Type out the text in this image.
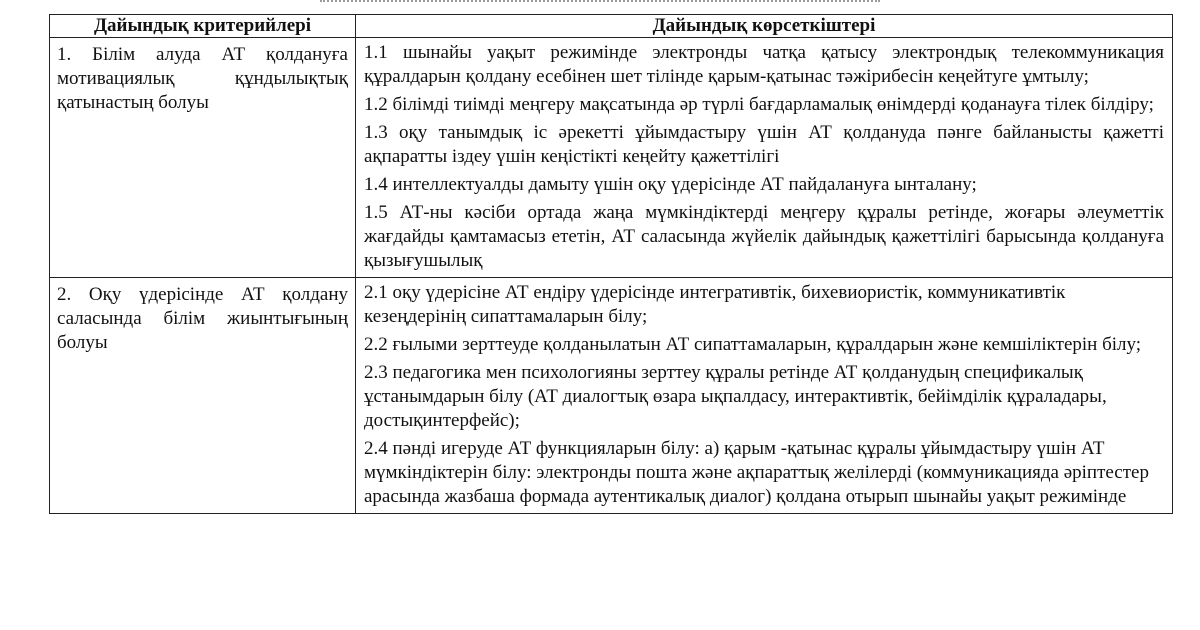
Дайындық критерийлері	Дайындық көрсеткіштері

1. Білім алуда АТ қолдануға мотивациялық құндылықтық қатынастың болуы	1.1 шынайы уақыт режимінде электронды чатқа қатысу электрондық телекоммуникация құралдарын қолдану есебінен шет тілінде қарым-қатынас тәжірибесін кеңейтуге ұмтылу;
1.2 білімді тиімді меңгеру мақсатында әр түрлі бағдарламалық өнімдерді қоданауға тілек білдіру;
1.3 оқу танымдық іс әрекетті ұйымдастыру үшін АТ қолдануда пәнге байланысты қажетті ақпаратты іздеу үшін кеңістікті кеңейту қажеттілігі
1.4 интеллектуалды дамыту үшін оқу үдерісінде АТ пайдалануға ынталану;
1.5 АТ-ны кәсіби ортада жаңа мүмкіндіктерді меңгеру құралы ретінде, жоғары әлеуметтік жағдайды қамтамасыз ететін, АТ саласында жүйелік дайындық қажеттілігі барысында қолдануға қызығушылық

2. Оқу үдерісінде АТ қолдану саласында білім жиынтығының болуы	2.1 оқу үдерісіне АТ ендіру үдерісінде интегративтік, бихевиористік, коммуникативтік кезеңдерінің сипаттамаларын білу;
2.2 ғылыми зерттеуде қолданылатын АТ сипаттамаларын, құралдарын және кемшіліктерін білу;
2.3 педагогика мен психологияны зерттеу құралы ретінде АТ қолданудың спецификалық ұстанымдарын білу (АТ диалогтық өзара ықпалдасу, интерактивтік, бейімділік құраладары, достықинтерфейс);
2.4 пәнді игеруде АТ функцияларын білу: а) қарым -қатынас құралы ұйымдастыру үшін АТ мүмкіндіктерін білу: электронды пошта және ақпараттық желілерді (коммуникацияда әріптестер арасында жазбаша формада аутентикалық диалог) қолдана отырып шынайы уақыт режимінде
